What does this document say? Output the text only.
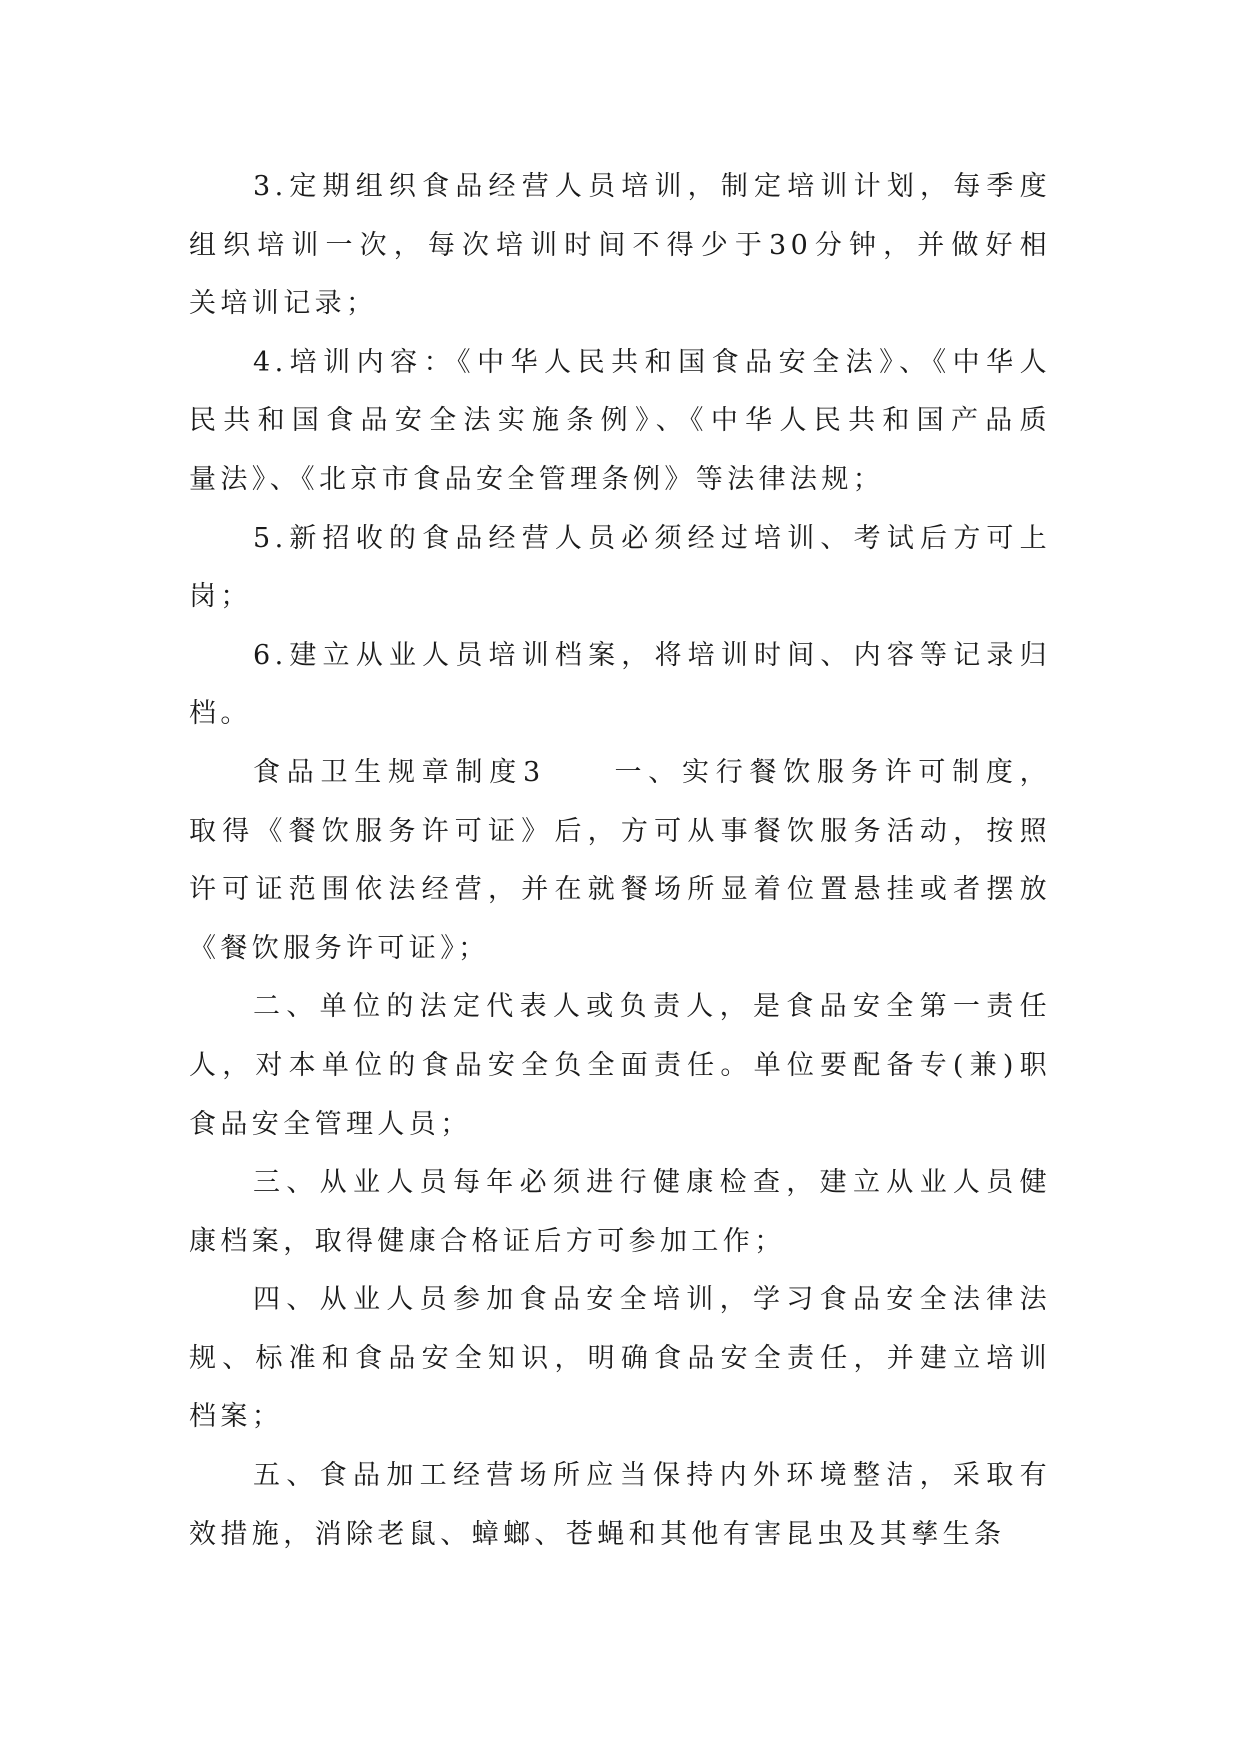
3.定期组织食品经营人员培训，制定培训计划，每季度
组织培训一次，每次培训时间不得少于30分钟，并做好相
关培训记录；

4.培训内容：《中华人民共和国食品安全法》、《中华人
民共和国食品安全法实施条例》、《中华人民共和国产品质
量法》、《北京市食品安全管理条例》等法律法规；

5.新招收的食品经营人员必须经过培训、考试后方可上
岗；

6.建立从业人员培训档案，将培训时间、内容等记录归
档。

食品卫生规章制度3　　一、实行餐饮服务许可制度，
取得《餐饮服务许可证》后，方可从事餐饮服务活动，按照
许可证范围依法经营，并在就餐场所显着位置悬挂或者摆放
《餐饮服务许可证》；

二、单位的法定代表人或负责人，是食品安全第一责任
人，对本单位的食品安全负全面责任。单位要配备专(兼)职
食品安全管理人员；

三、从业人员每年必须进行健康检查，建立从业人员健
康档案，取得健康合格证后方可参加工作；

四、从业人员参加食品安全培训，学习食品安全法律法
规、标准和食品安全知识，明确食品安全责任，并建立培训
档案；

五、食品加工经营场所应当保持内外环境整洁，采取有
效措施，消除老鼠、蟑螂、苍蝇和其他有害昆虫及其孳生条
